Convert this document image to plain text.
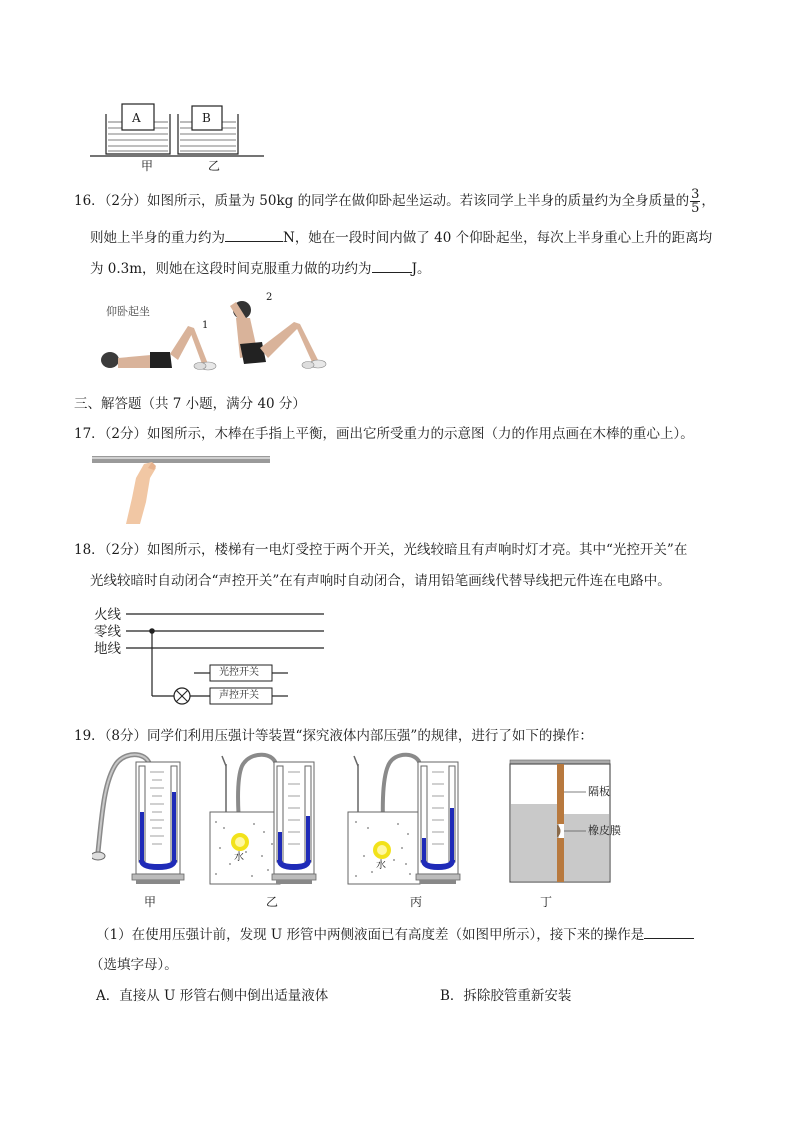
A	B
甲	乙
16．（2分）如图所示，质量为 50kg 的同学在做仰卧起坐运动。若该同学上半身的质量约为全身质量的 $\frac{3}{5}$ ，
则她上半身的重力约为	N，她在一段时间内做了 40 个仰卧起坐，每次上半身重心上升的距离均
为 0.3m，则她在这段时间克服重力做的功约为	J。
仰卧起坐
1
2
三、解答题（共 7 小题，满分 40 分）
17．（2分）如图所示，木棒在手指上平衡，画出它所受重力的示意图（力的作用点画在木棒的重心上）。
18．（2分）如图所示，楼梯有一电灯受控于两个开关，光线较暗且有声响时灯才亮。其中“光控开关”在
光线较暗时自动闭合“声控开关”在有声响时自动闭合，请用铅笔画线代替导线把元件连在电路中。
火线
零线
地线
光控开关
声控开关
19．（8分）同学们利用压强计等装置“探究液体内部压强”的规律，进行了如下的操作：
隔板
橡皮膜
水
水
甲	乙	丙	丁
（1）在使用压强计前，发现 U 形管中两侧液面已有高度差（如图甲所示），接下来的操作是
（选填字母）。
A．直接从 U 形管右侧中倒出适量液体	B．拆除胶管重新安装
